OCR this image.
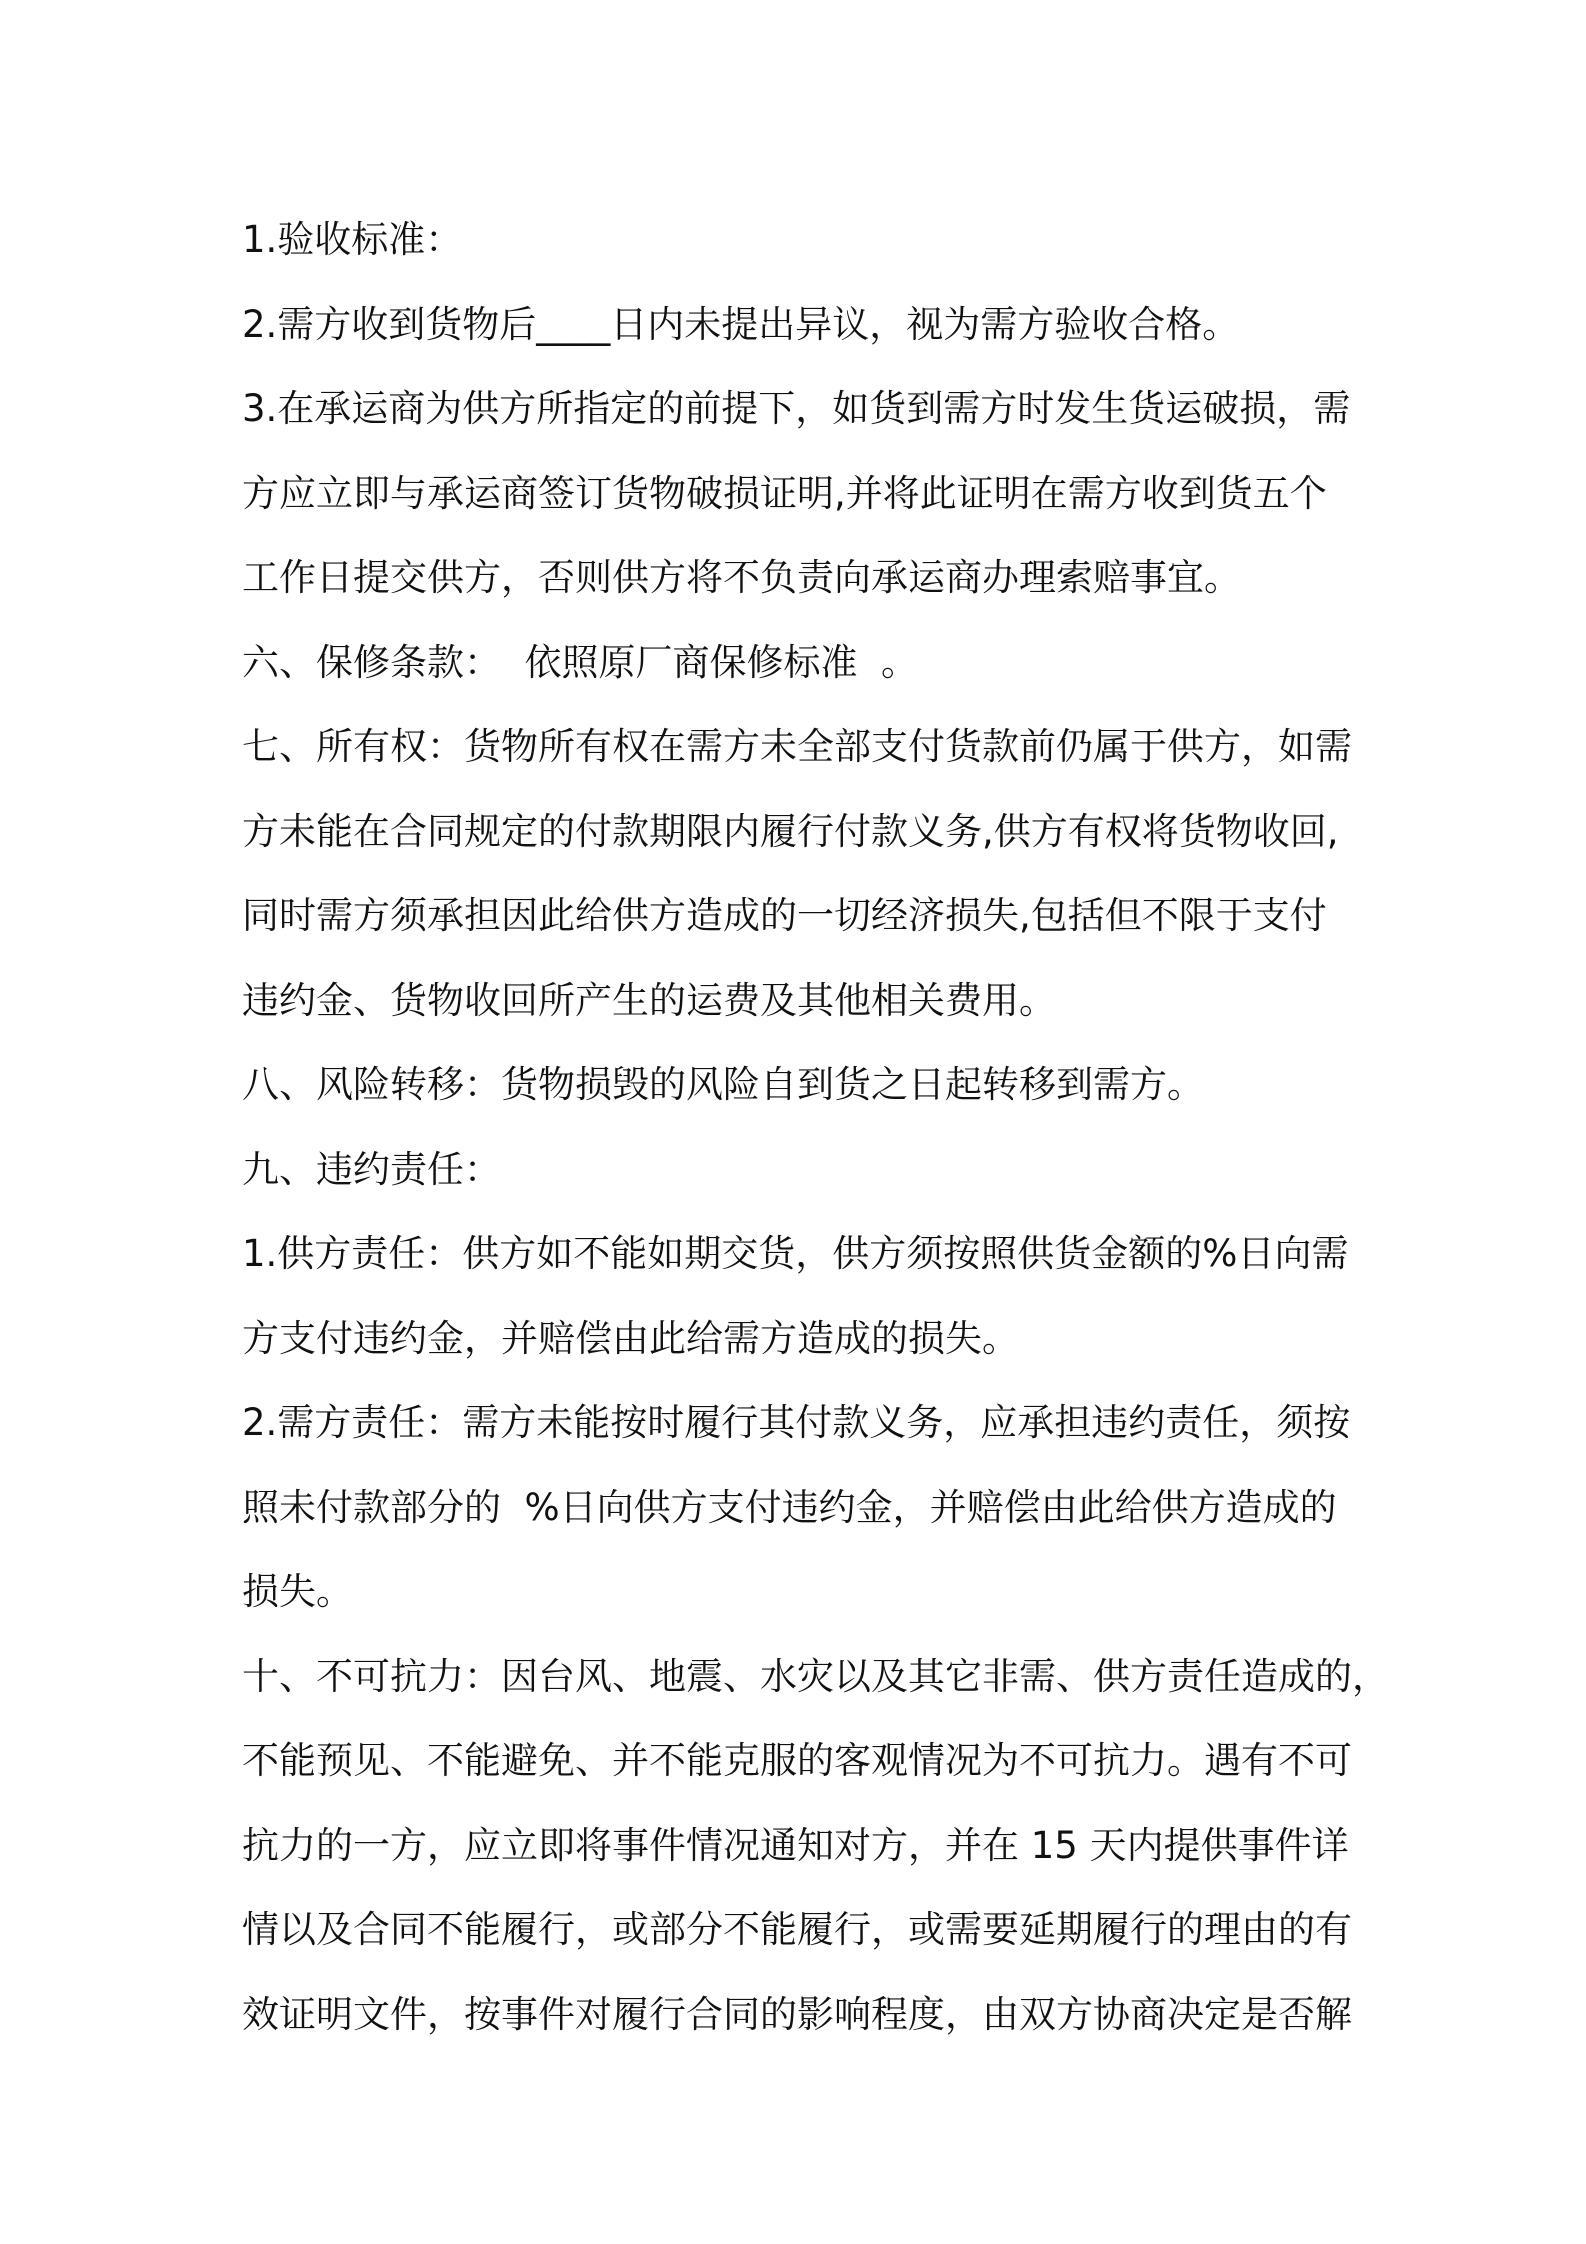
1.验收标准：
2.需方收到货物后____日内未提出异议，视为需方验收合格。
3.在承运商为供方所指定的前提下，如货到需方时发生货运破损，需
方应立即与承运商签订货物破损证明,并将此证明在需方收到货五个
工作日提交供方，否则供方将不负责向承运商办理索赔事宜。
六、保修条款：  依照原厂商保修标准  。
七、所有权：货物所有权在需方未全部支付货款前仍属于供方，如需
方未能在合同规定的付款期限内履行付款义务,供方有权将货物收回,
同时需方须承担因此给供方造成的一切经济损失,包括但不限于支付
违约金、货物收回所产生的运费及其他相关费用。
八、风险转移：货物损毁的风险自到货之日起转移到需方。
九、违约责任：
1.供方责任：供方如不能如期交货，供方须按照供货金额的%日向需
方支付违约金，并赔偿由此给需方造成的损失。
2.需方责任：需方未能按时履行其付款义务，应承担违约责任，须按
照未付款部分的  %日向供方支付违约金，并赔偿由此给供方造成的
损失。
十、不可抗力：因台风、地震、水灾以及其它非需、供方责任造成的，
不能预见、不能避免、并不能克服的客观情况为不可抗力。遇有不可
抗力的一方，应立即将事件情况通知对方，并在 15 天内提供事件详
情以及合同不能履行，或部分不能履行，或需要延期履行的理由的有
效证明文件，按事件对履行合同的影响程度，由双方协商决定是否解
